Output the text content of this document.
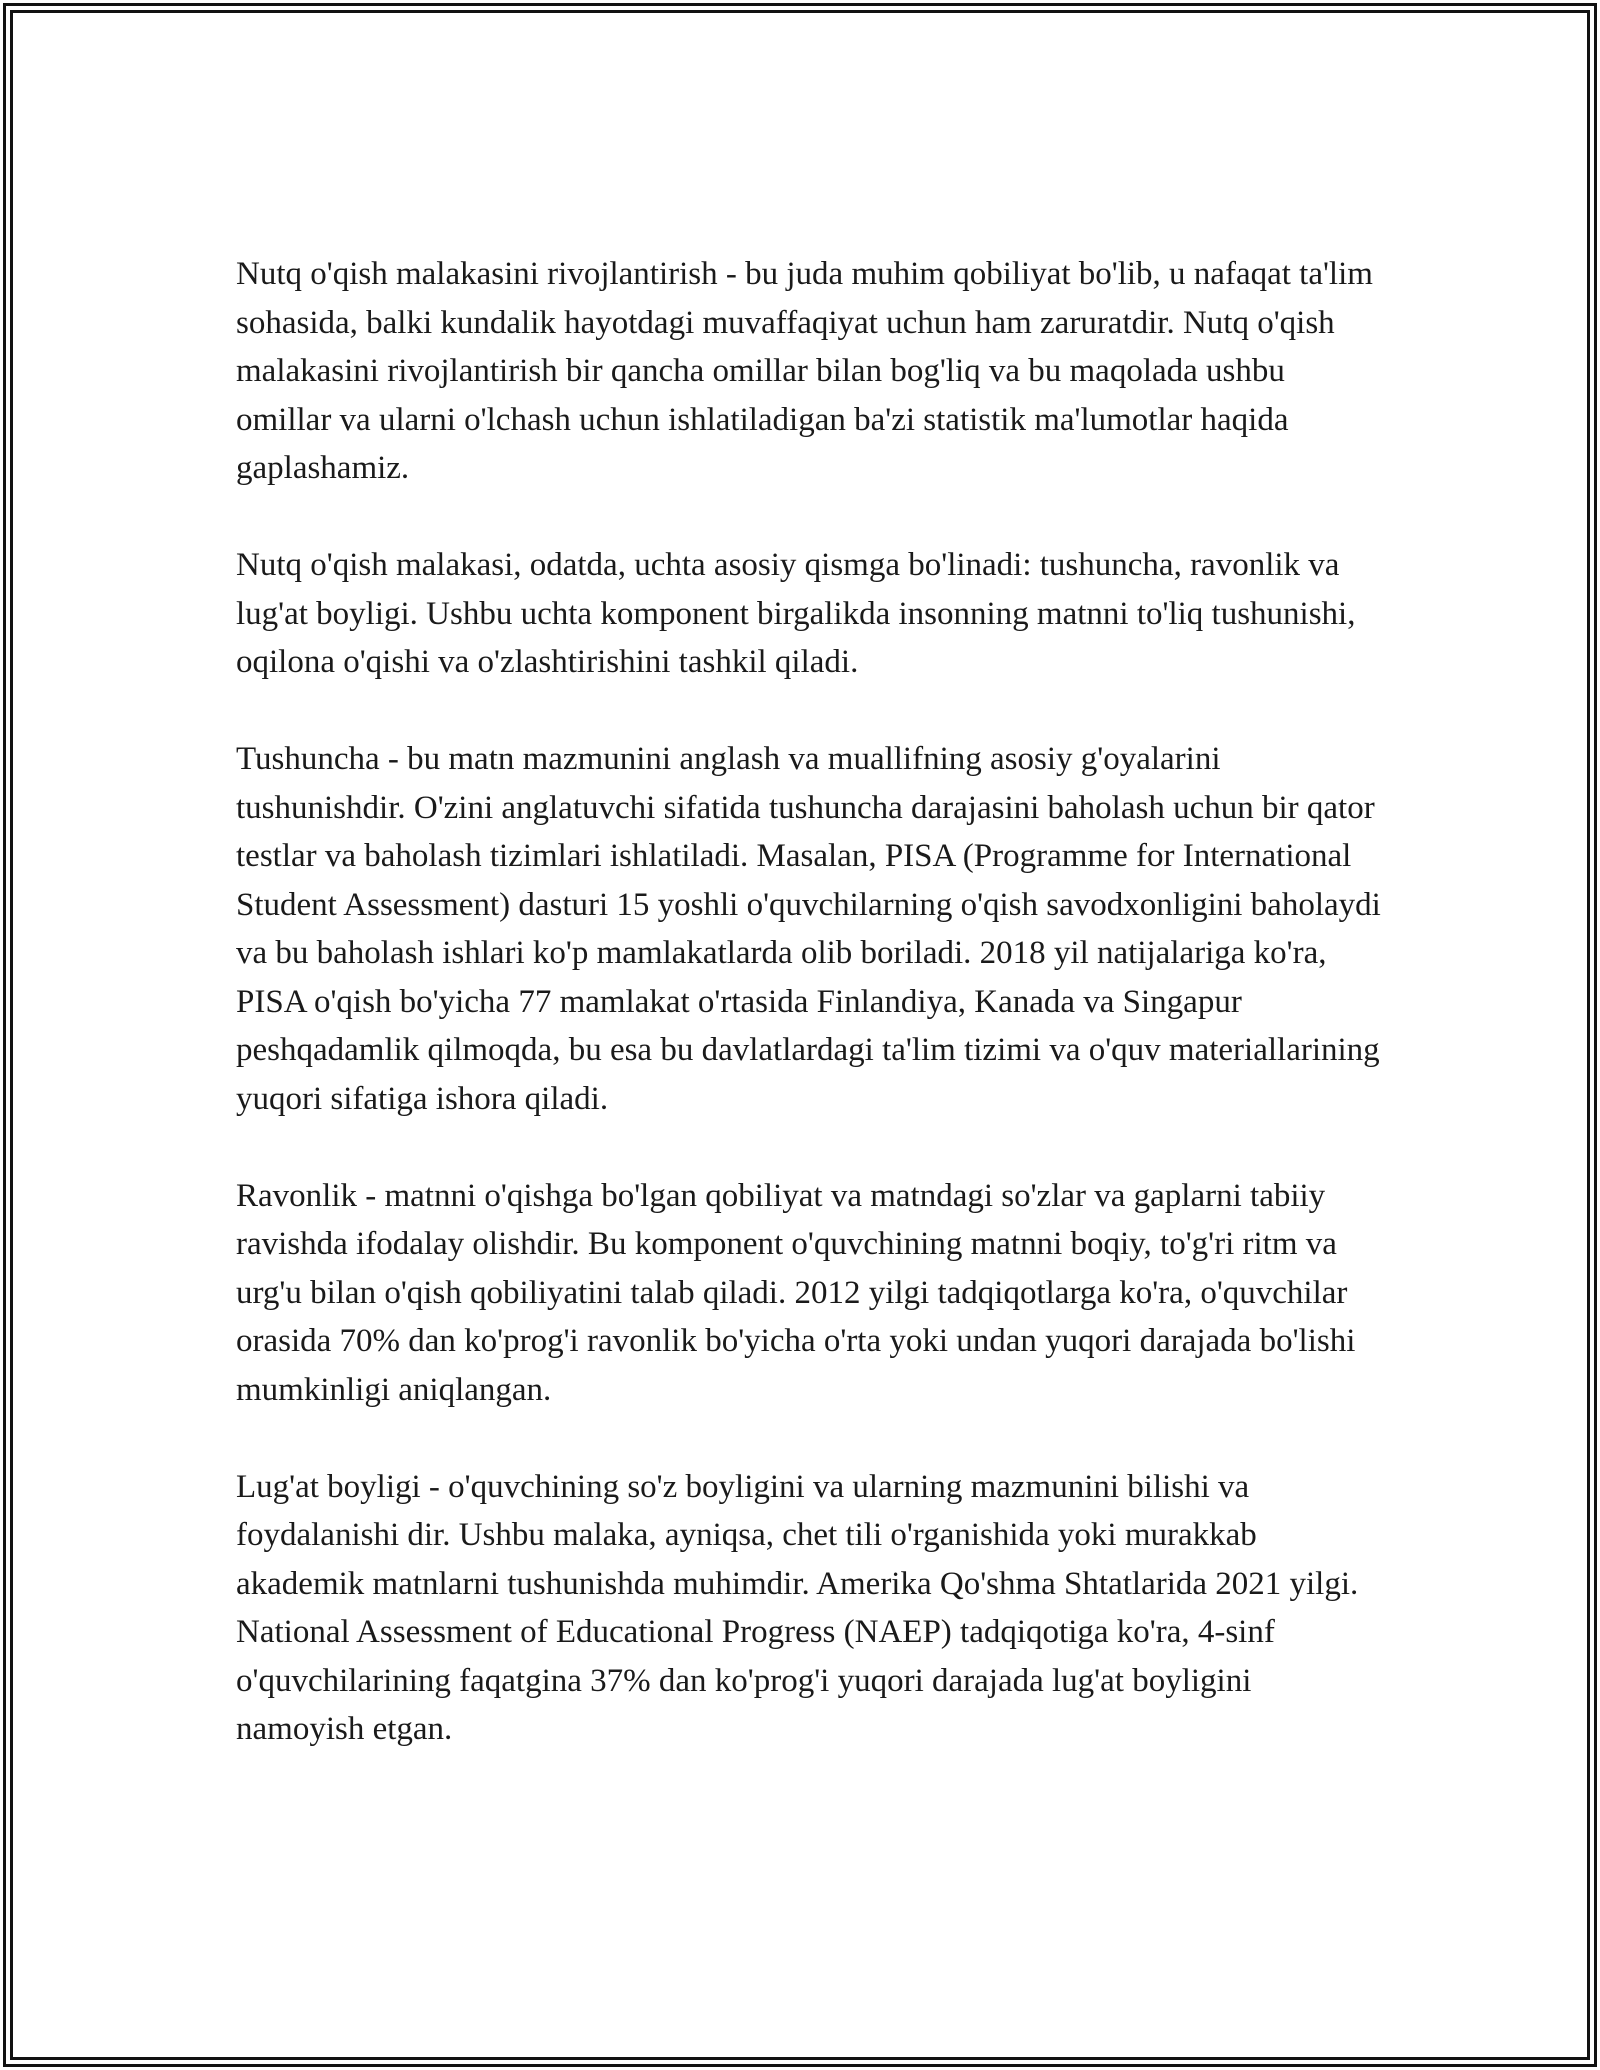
Nutq o'qish malakasini rivojlantirish - bu juda muhim qobiliyat bo'lib, u nafaqat ta'lim sohasida, balki kundalik hayotdagi muvaffaqiyat uchun ham zaruratdir. Nutq o'qish malakasini rivojlantirish bir qancha omillar bilan bog'liq va bu maqolada ushbu omillar va ularni o'lchash uchun ishlatiladigan ba'zi statistik ma'lumotlar haqida gaplashamiz.

Nutq o'qish malakasi, odatda, uchta asosiy qismga bo'linadi: tushuncha, ravonlik va lug'at boyligi. Ushbu uchta komponent birgalikda insonning matnni to'liq tushunishi, oqilona o'qishi va o'zlashtirishini tashkil qiladi.

Tushuncha - bu matn mazmunini anglash va muallifning asosiy g'oyalarini tushunishdir. O'zini anglatuvchi sifatida tushuncha darajasini baholash uchun bir qator testlar va baholash tizimlari ishlatiladi. Masalan, PISA (Programme for International Student Assessment) dasturi 15 yoshli o'quvchilarning o'qish savodxonligini baholaydi va bu baholash ishlari ko'p mamlakatlarda olib boriladi. 2018 yil natijalariga ko'ra, PISA o'qish bo'yicha 77 mamlakat o'rtasida Finlandiya, Kanada va Singapur peshqadamlik qilmoqda, bu esa bu davlatlardagi ta'lim tizimi va o'quv materiallarining yuqori sifatiga ishora qiladi.

Ravonlik - matnni o'qishga bo'lgan qobiliyat va matndagi so'zlar va gaplarni tabiiy ravishda ifodalay olishdir. Bu komponent o'quvchining matnni boqiy, to'g'ri ritm va urg'u bilan o'qish qobiliyatini talab qiladi. 2012 yilgi tadqiqotlarga ko'ra, o'quvchilar orasida 70% dan ko'prog'i ravonlik bo'yicha o'rta yoki undan yuqori darajada bo'lishi mumkinligi aniqlangan.

Lug'at boyligi - o'quvchining so'z boyligini va ularning mazmunini bilishi va foydalanishi dir. Ushbu malaka, ayniqsa, chet tili o'rganishida yoki murakkab akademik matnlarni tushunishda muhimdir. Amerika Qo'shma Shtatlarida 2021 yilgi. National Assessment of Educational Progress (NAEP) tadqiqotiga ko'ra, 4-sinf o'quvchilarining faqatgina 37% dan ko'prog'i yuqori darajada lug'at boyligini namoyish etgan.
